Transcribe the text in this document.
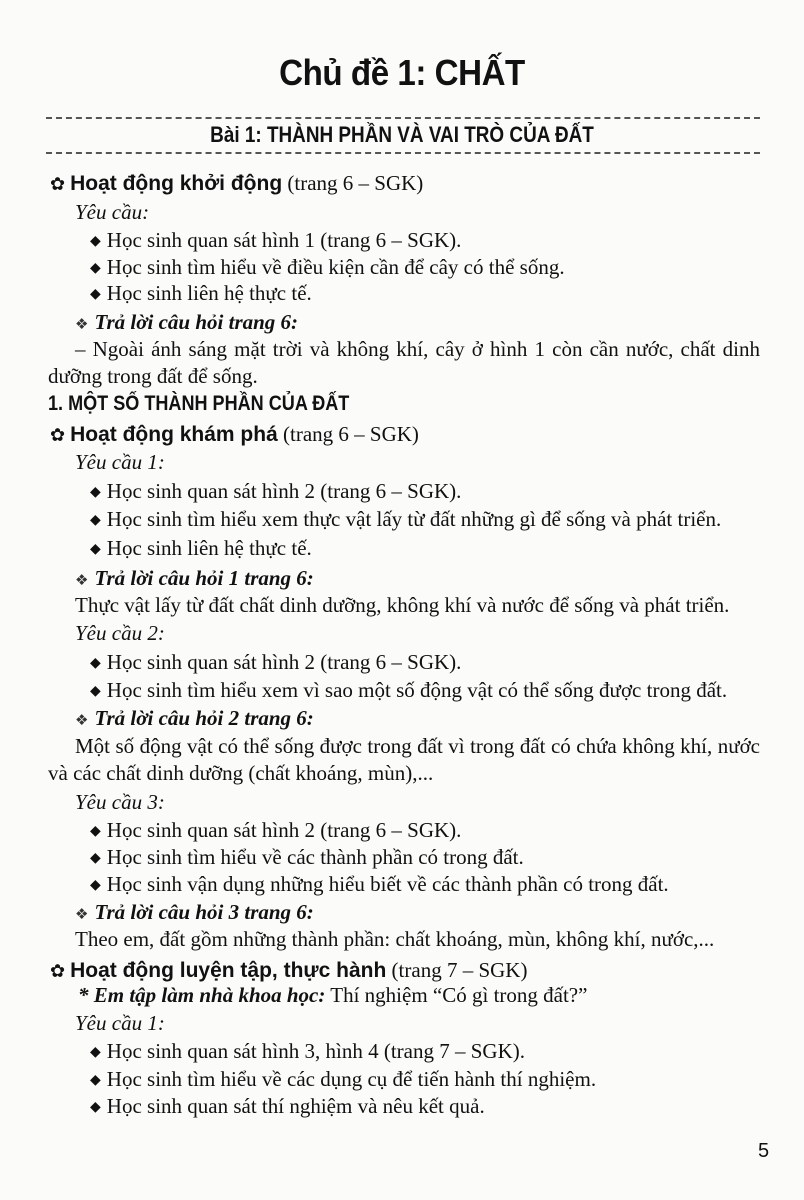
Chủ đề 1: CHẤT
Bài 1: THÀNH PHẦN VÀ VAI TRÒ CỦA ĐẤT
✿ Hoạt động khởi động (trang 6 – SGK)
Yêu cầu:
◆ Học sinh quan sát hình 1 (trang 6 – SGK).
◆ Học sinh tìm hiểu về điều kiện cần để cây có thể sống.
◆ Học sinh liên hệ thực tế.
❖ Trả lời câu hỏi trang 6:
– Ngoài ánh sáng mặt trời và không khí, cây ở hình 1 còn cần nước, chất dinh dưỡng trong đất để sống.
1. MỘT SỐ THÀNH PHẦN CỦA ĐẤT
✿ Hoạt động khám phá (trang 6 – SGK)
Yêu cầu 1:
◆ Học sinh quan sát hình 2 (trang 6 – SGK).
◆ Học sinh tìm hiểu xem thực vật lấy từ đất những gì để sống và phát triển.
◆ Học sinh liên hệ thực tế.
❖ Trả lời câu hỏi 1 trang 6:
Thực vật lấy từ đất chất dinh dưỡng, không khí và nước để sống và phát triển.
Yêu cầu 2:
◆ Học sinh quan sát hình 2 (trang 6 – SGK).
◆ Học sinh tìm hiểu xem vì sao một số động vật có thể sống được trong đất.
❖ Trả lời câu hỏi 2 trang 6:
Một số động vật có thể sống được trong đất vì trong đất có chứa không khí, nước và các chất dinh dưỡng (chất khoáng, mùn),...
Yêu cầu 3:
◆ Học sinh quan sát hình 2 (trang 6 – SGK).
◆ Học sinh tìm hiểu về các thành phần có trong đất.
◆ Học sinh vận dụng những hiểu biết về các thành phần có trong đất.
❖ Trả lời câu hỏi 3 trang 6:
Theo em, đất gồm những thành phần: chất khoáng, mùn, không khí, nước,...
✿ Hoạt động luyện tập, thực hành (trang 7 – SGK)
* Em tập làm nhà khoa học: Thí nghiệm “Có gì trong đất?”
Yêu cầu 1:
◆ Học sinh quan sát hình 3, hình 4 (trang 7 – SGK).
◆ Học sinh tìm hiểu về các dụng cụ để tiến hành thí nghiệm.
◆ Học sinh quan sát thí nghiệm và nêu kết quả.
5
